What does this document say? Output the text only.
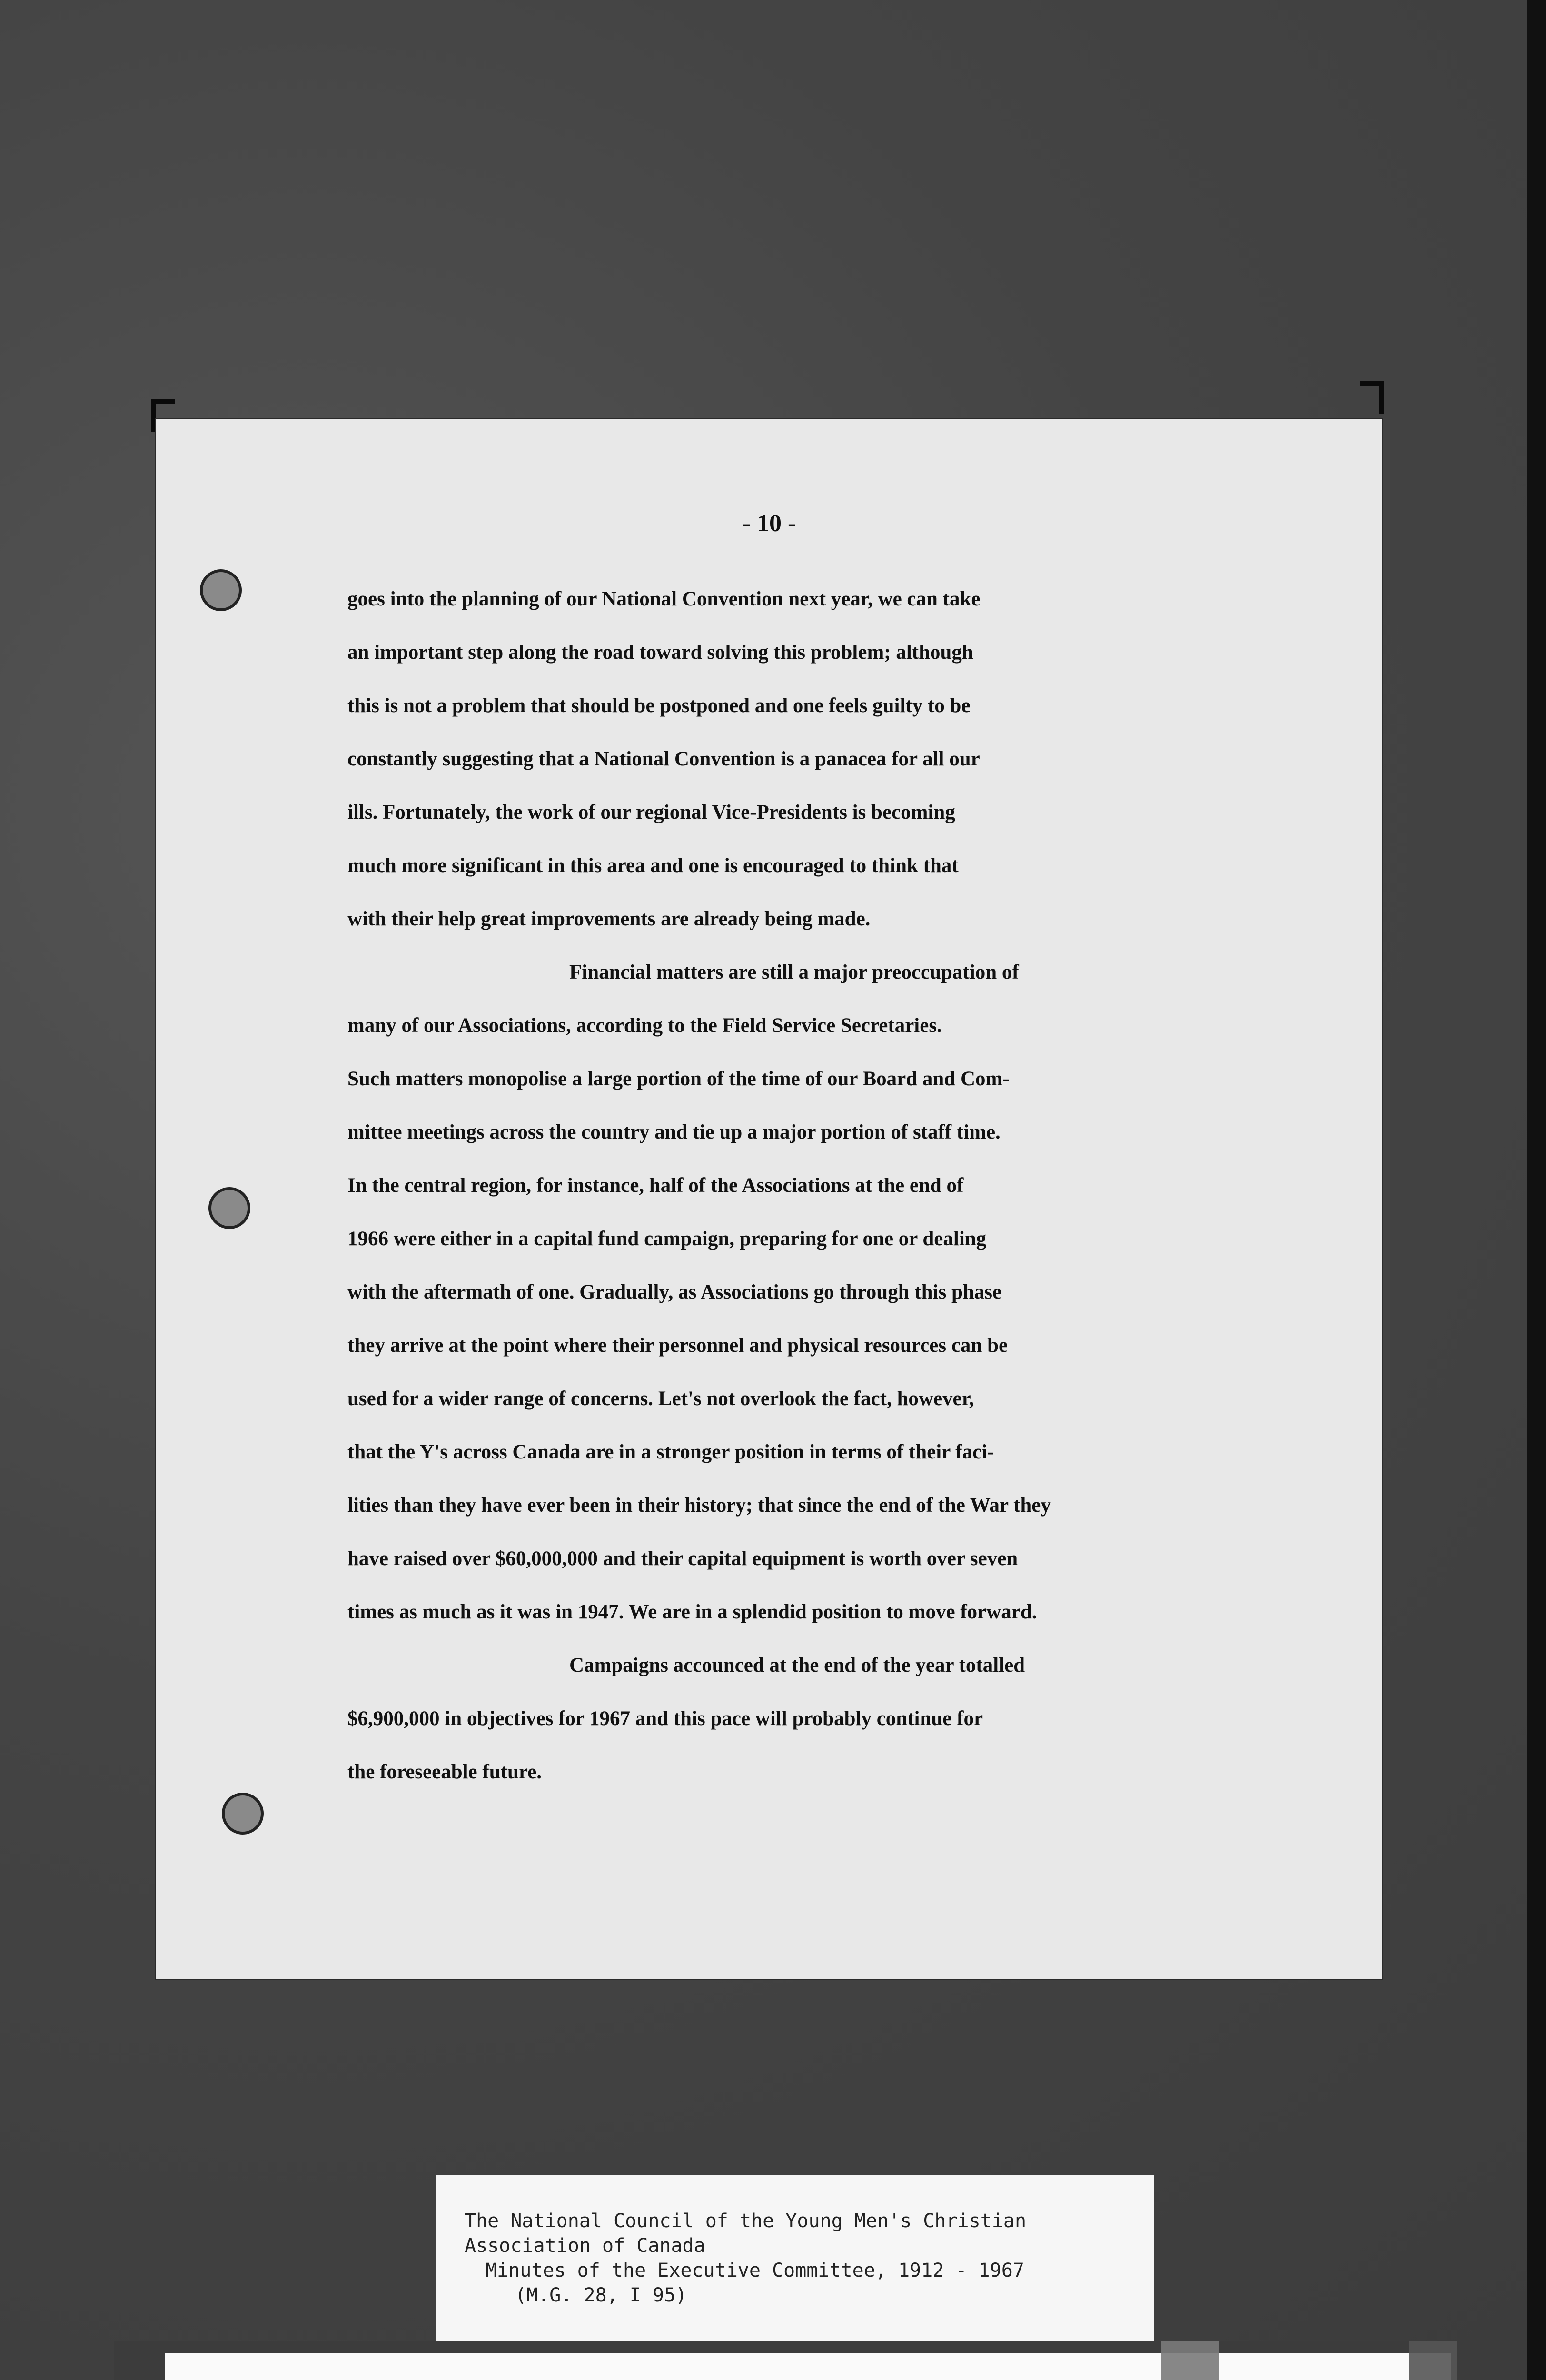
- 10 -
goes into the planning of our National Convention next year, we can take
an important step along the road toward solving this problem; although
this is not a problem that should be postponed and one feels guilty to be
constantly suggesting that a National Convention is a panacea for all our
ills. Fortunately, the work of our regional Vice-Presidents is becoming
much more significant in this area and one is encouraged to think that
with their help great improvements are already being made.
Financial matters are still a major preoccupation of
many of our Associations, according to the Field Service Secretaries.
Such matters monopolise a large portion of the time of our Board and Com-
mittee meetings across the country and tie up a major portion of staff time.
In the central region, for instance, half of the Associations at the end of
1966 were either in a capital fund campaign, preparing for one or dealing
with the aftermath of one. Gradually, as Associations go through this phase
they arrive at the point where their personnel and physical resources can be
used for a wider range of concerns. Let's not overlook the fact, however,
that the Y's across Canada are in a stronger position in terms of their faci-
lities than they have ever been in their history; that since the end of the War they
have raised over $60,000,000 and their capital equipment is worth over seven
times as much as it was in 1947. We are in a splendid position to move forward.
Campaigns accounced at the end of the year totalled
$6,900,000 in objectives for 1967 and this pace will probably continue for
the foreseeable future.
The National Council of the Young Men's Christian
Association of Canada
Minutes of the Executive Committee, 1912 - 1967
(M.G. 28, I 95)
